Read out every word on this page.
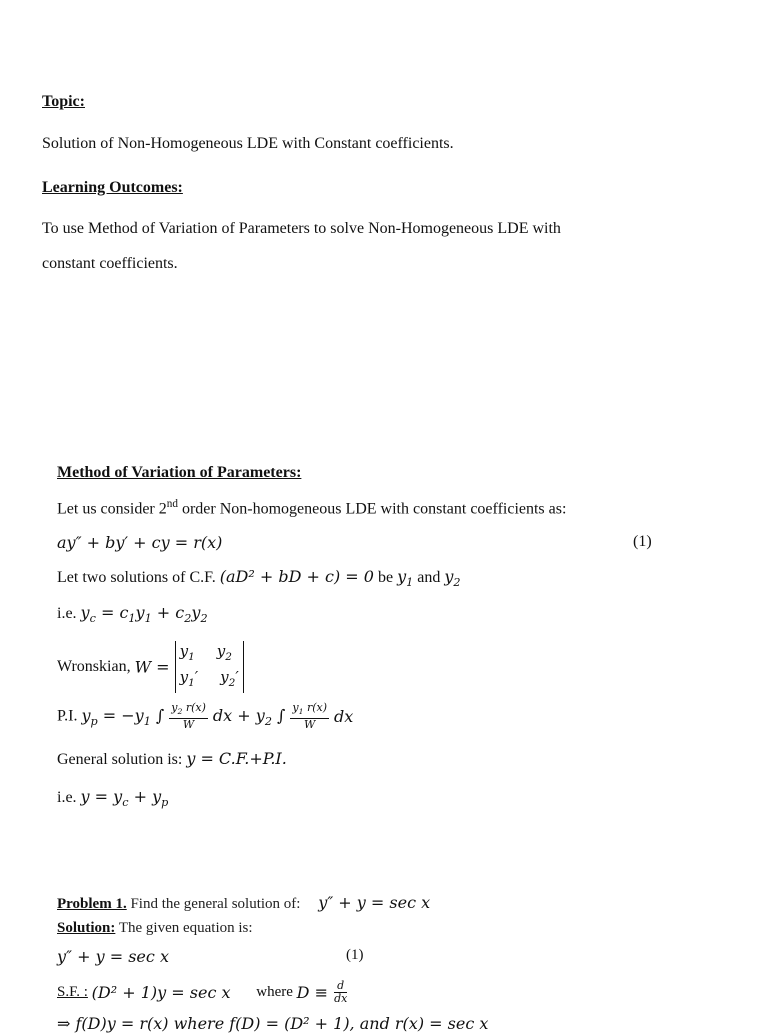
Topic:
Solution of Non-Homogeneous LDE with Constant coefficients.
Learning Outcomes:
To use Method of Variation of Parameters to solve Non-Homogeneous LDE with
constant coefficients.
Method of Variation of Parameters:
Let us consider 2nd order Non-homogeneous LDE with constant coefficients as:
ay″ + by′ + cy = r(x)	(1)
Let two solutions of C.F. (aD² + bD + c) = 0 be $y_1$ and $y_2$
i.e. $y_c = c_1y_1 + c_2y_2$
Wronskian, W =
$y_1$ $y_2$
$y_1'$ $y_2'$
P.I. $y_p = -y_1$ ∫ $\frac{y_2 r(x)}{W}$ dx + $y_2$ ∫ $\frac{y_1 r(x)}{W}$ dx
General solution is: y = C.F.+P.I.
i.e. $y = y_c + y_p$
Problem 1. Find the general solution of: y″ + y = sec x
Solution: The given equation is:
y″ + y = sec x	(1)
S.F. : (D² + 1)y = sec x where $D \equiv \frac{d}{dx}$
⇒ f(D)y = r(x) where f(D) = (D² + 1), and r(x) = sec x
